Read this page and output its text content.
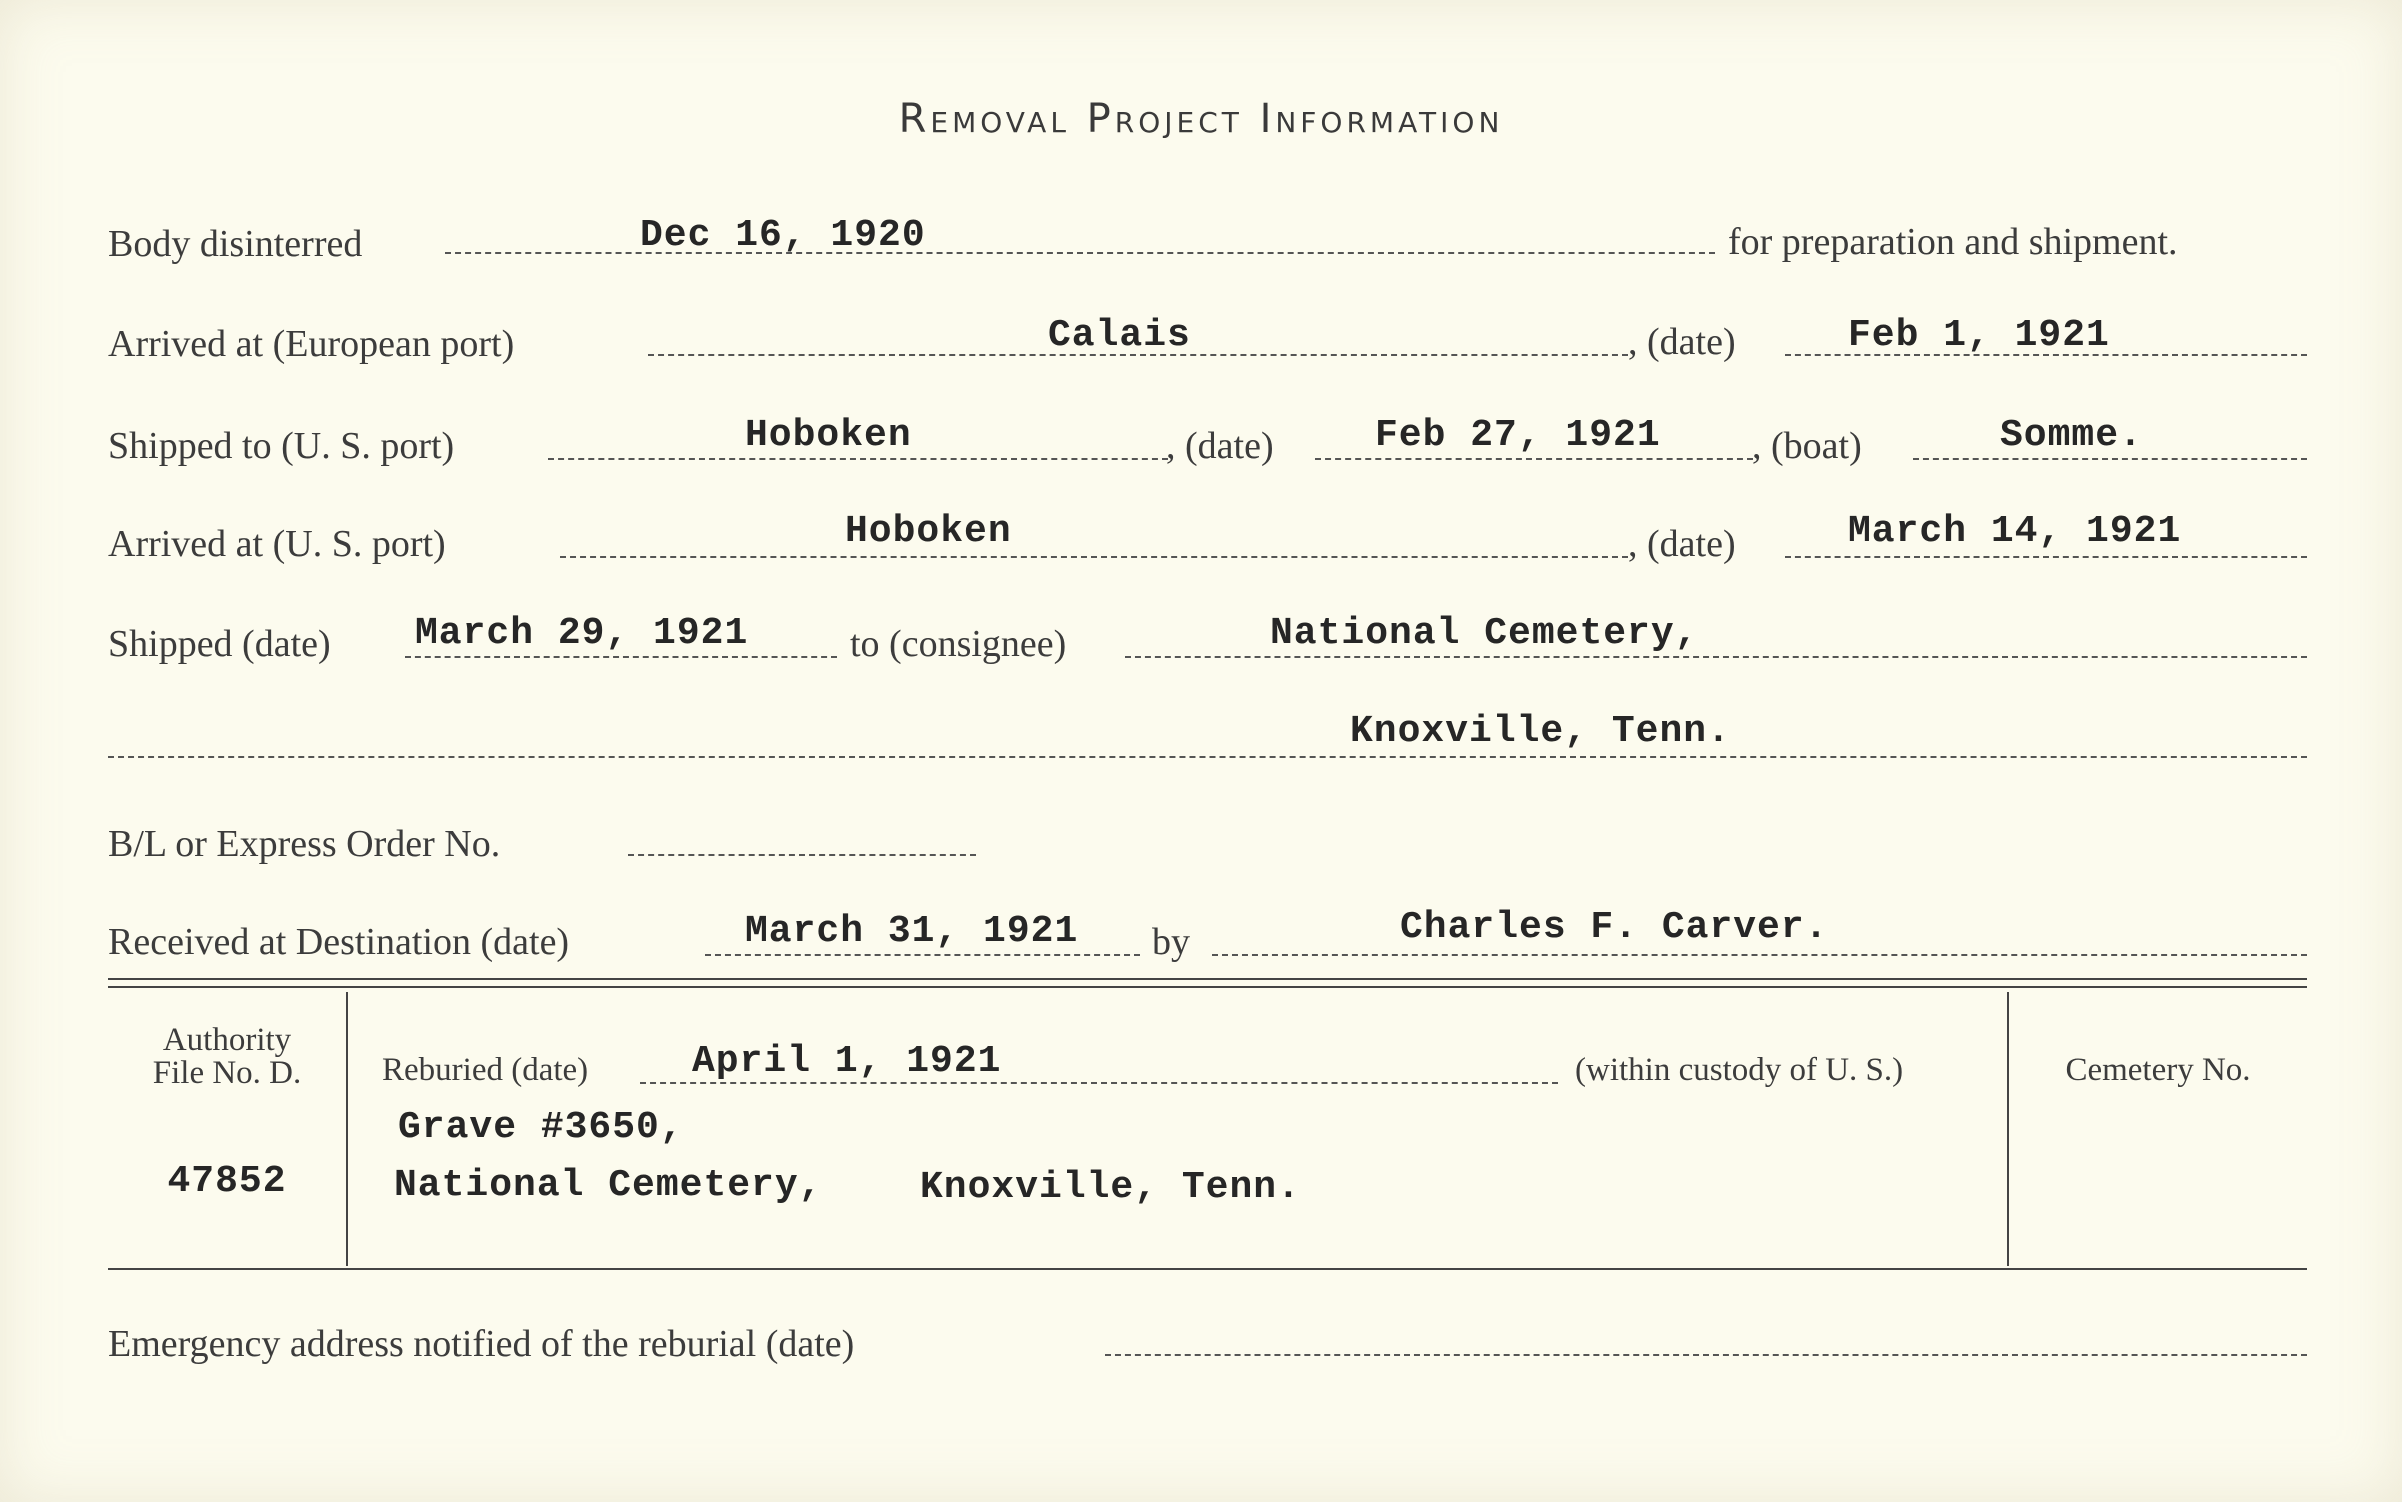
Removal Project Information
Body disinterred	Dec 16, 1920	for preparation and shipment.
Arrived at (European port)	Calais	, (date)	Feb 1, 1921
Shipped to (U. S. port)	Hoboken	, (date)	Feb 27, 1921 , (boat)	Somme.
Arrived at (U. S. port)	Hoboken	, (date)	March 14, 1921
Shipped (date) March 29, 1921	to (consignee)	National Cemetery,
Knoxville, Tenn.
B/L or Express Order No.
Received at Destination (date)	March 31, 1921 by	Charles F. Carver.
Authority
File No. D.
47852
Reburied (date)	April 1, 1921	(within custody of U. S.)
Grave #3650,
National Cemetery,	Knoxville, Tenn.
Cemetery No.
Emergency address notified of the reburial (date)
